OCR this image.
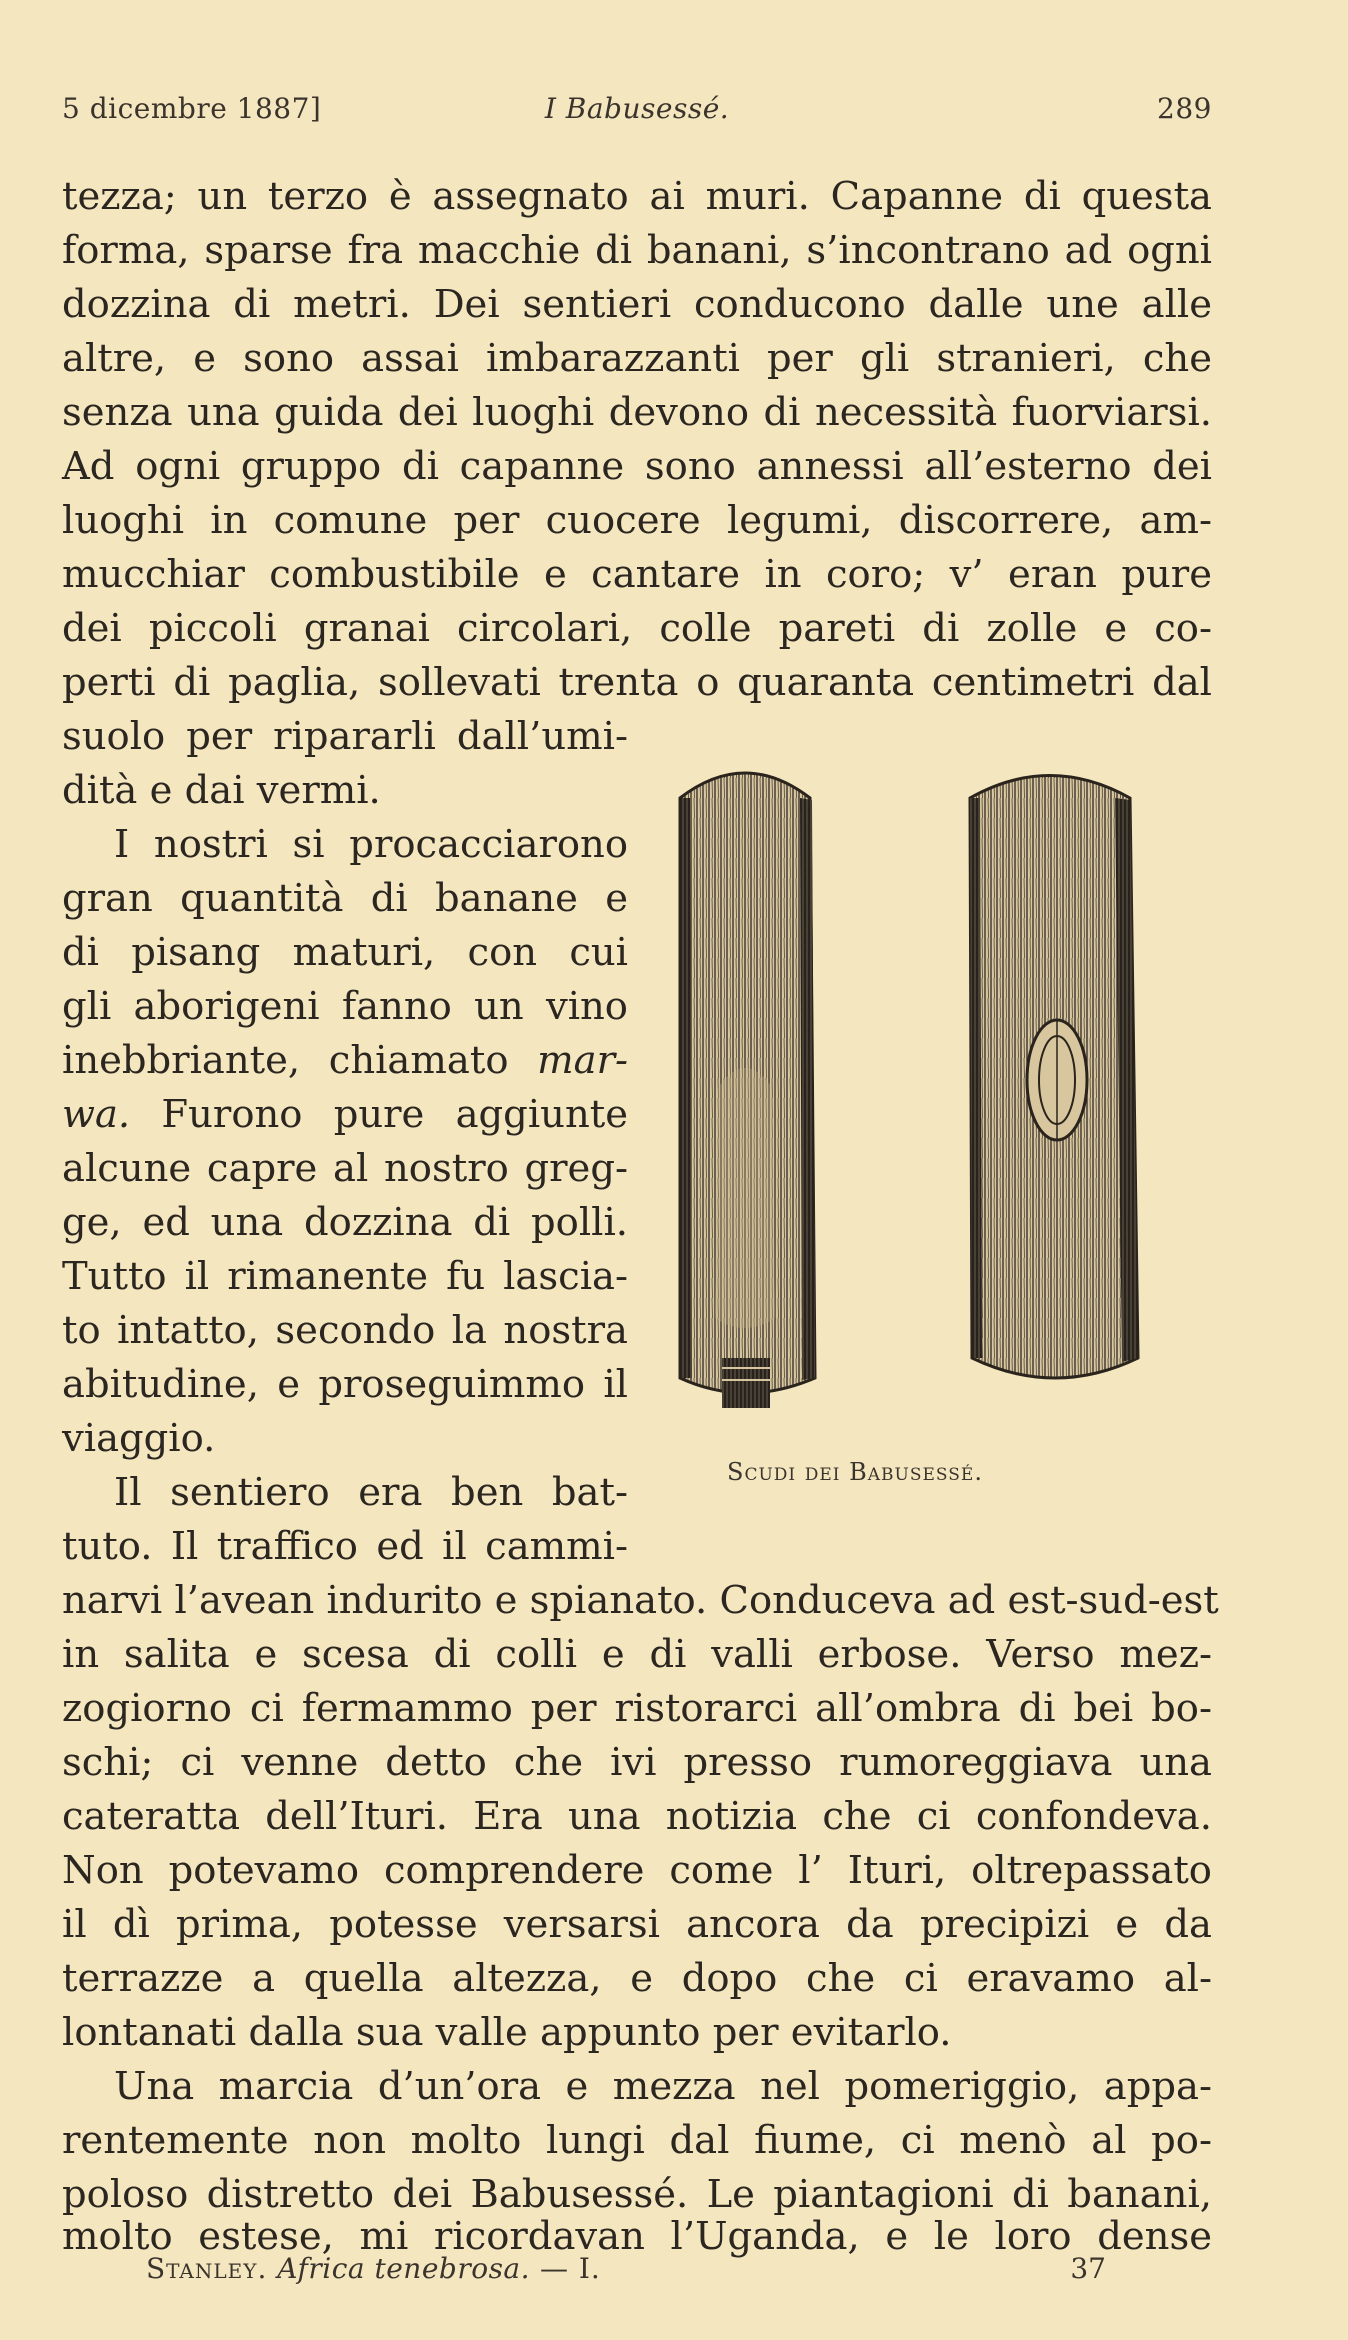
5 dicembre 1887]	I Babusessé.	289
tezza; un terzo è assegnato ai muri. Capanne di questa
forma, sparse fra macchie di banani, s’incontrano ad ogni
dozzina di metri. Dei sentieri conducono dalle une alle
altre, e sono assai imbarazzanti per gli stranieri, che
senza una guida dei luoghi devono di necessità fuorviarsi.
Ad ogni gruppo di capanne sono annessi all’esterno dei
luoghi in comune per cuocere legumi, discorrere, am-
mucchiar combustibile e cantare in coro; v’ eran pure
dei piccoli granai circolari, colle pareti di zolle e co-
perti di paglia, sollevati trenta o quaranta centimetri dal
suolo per ripararli dall’umi-
dità e dai vermi.
I nostri si procacciarono
gran quantità di banane e
di pisang maturi, con cui
gli aborigeni fanno un vino
inebbriante, chiamato mar-
wa. Furono pure aggiunte
alcune capre al nostro greg-
ge, ed una dozzina di polli.
Tutto il rimanente fu lascia-
to intatto, secondo la nostra
abitudine, e proseguimmo il
viaggio.
Il sentiero era ben bat-
tuto. Il traffico ed il cammi-
narvi l’avean indurito e spianato. Conduceva ad est-sud-est
in salita e scesa di colli e di valli erbose. Verso mez-
zogiorno ci fermammo per ristorarci all’ombra di bei bo-
schi; ci venne detto che ivi presso rumoreggiava una
cateratta dell’Ituri. Era una notizia che ci confondeva.
Non potevamo comprendere come l’ Ituri, oltrepassato
il dì prima, potesse versarsi ancora da precipizi e da
terrazze a quella altezza, e dopo che ci eravamo al-
lontanati dalla sua valle appunto per evitarlo.
Una marcia d’un’ora e mezza nel pomeriggio, appa-
rentemente non molto lungi dal fiume, ci menò al po-
poloso distretto dei Babusessé. Le piantagioni di banani,
molto estese, mi ricordavan l’Uganda, e le loro dense
Scudi dei Babusessé.
Stanley. Africa tenebrosa. — I.	37
